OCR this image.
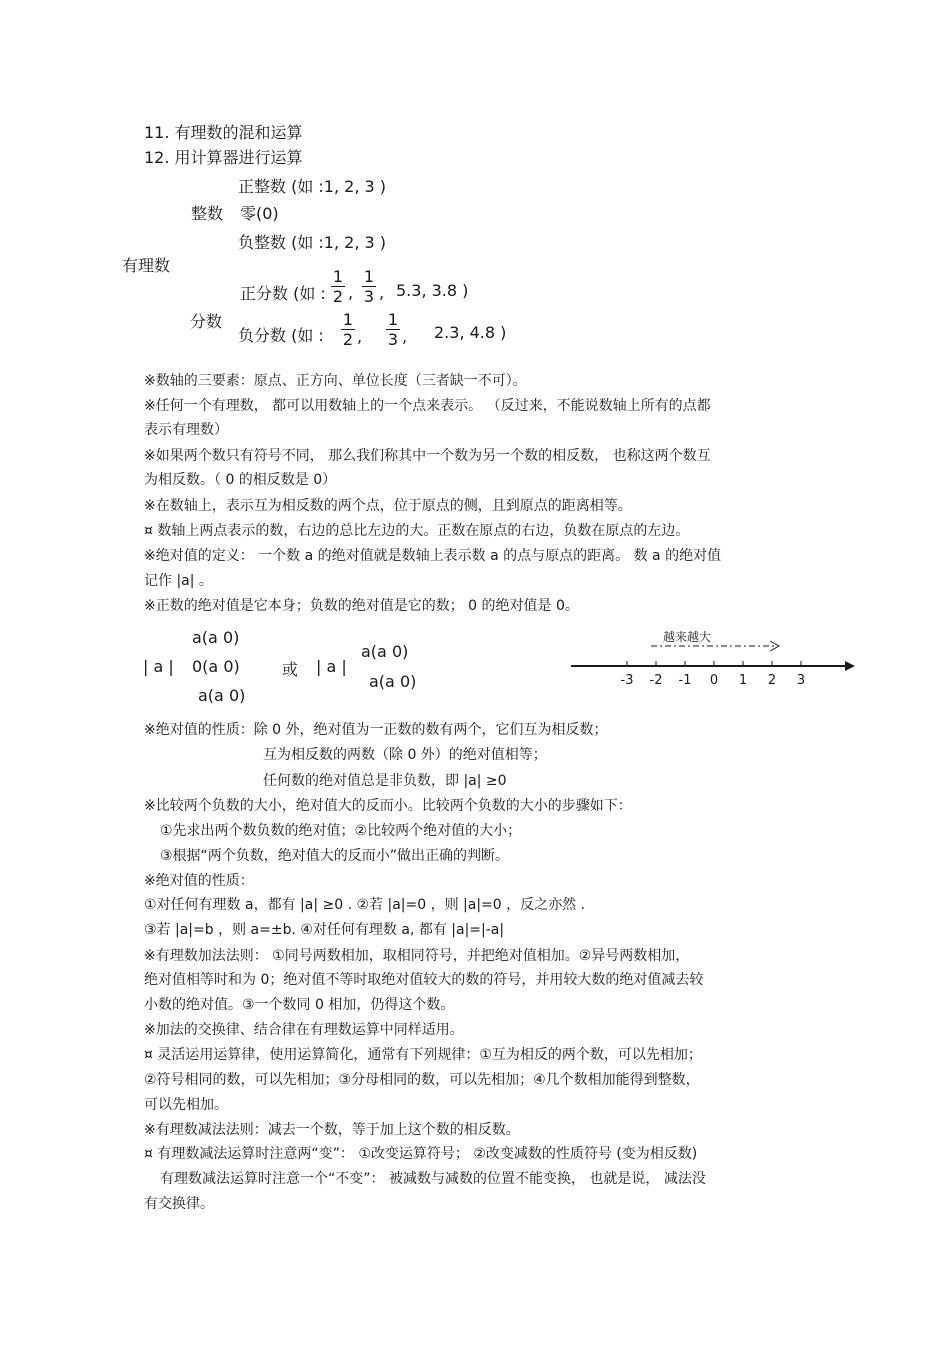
11. 有理数的混和运算
12. 用计算器进行运算
正整数 (如 :1, 2, 3 )
整数 零(0)
负整数 (如 :1, 2, 3 )
有理数
正分数 (如 :
1
2 ,
1
3 , 5.3, 3.8 )
分数
负分数 (如 :
1
2 ,
1
3 , 2.3, 4.8 )
※数轴的三要素：原点、正方向、单位长度（三者缺一不可）。
※任何一个有理数， 都可以用数轴上的一个点来表示。 （反过来，不能说数轴上所有的点都
表示有理数）
※如果两个数只有符号不同， 那么我们称其中一个数为另一个数的相反数， 也称这两个数互
为相反数。（ 0 的相反数是 0）
※在数轴上，表示互为相反数的两个点，位于原点的侧，且到原点的距离相等。
¤ 数轴上两点表示的数，右边的总比左边的大。正数在原点的右边，负数在原点的左边。
※绝对值的定义： 一个数 a 的绝对值就是数轴上表示数 a 的点与原点的距离。 数 a 的绝对值
记作 |a| 。
※正数的绝对值是它本身；负数的绝对值是它的数； 0 的绝对值是 0。
a(a 0)
| a | 0(a 0)
a(a 0)
或 | a |
a(a 0)
a(a 0)
越来越大
-3 -2 -1 0 1 2 3
※绝对值的性质：除 0 外，绝对值为一正数的数有两个，它们互为相反数；
互为相反数的两数（除 0 外）的绝对值相等；
任何数的绝对值总是非负数，即 |a| ≥0
※比较两个负数的大小，绝对值大的反而小。比较两个负数的大小的步骤如下：
①先求出两个数负数的绝对值；②比较两个绝对值的大小；
③根据“两个负数，绝对值大的反而小”做出正确的判断。
※绝对值的性质：
①对任何有理数 a，都有 |a| ≥0 . ②若 |a|=0 ，则 |a|=0 ，反之亦然 .
③若 |a|=b ，则 a=±b. ④对任何有理数 a, 都有 |a|=|-a|
※有理数加法法则： ①同号两数相加，取相同符号，并把绝对值相加。②异号两数相加，
绝对值相等时和为 0；绝对值不等时取绝对值较大的数的符号，并用较大数的绝对值减去较
小数的绝对值。③一个数同 0 相加，仍得这个数。
※加法的交换律、结合律在有理数运算中同样适用。
¤ 灵活运用运算律，使用运算简化，通常有下列规律：①互为相反的两个数，可以先相加；
②符号相同的数，可以先相加；③分母相同的数，可以先相加；④几个数相加能得到整数，
可以先相加。
※有理数减法法则：减去一个数，等于加上这个数的相反数。
¤ 有理数减法运算时注意两“变”： ①改变运算符号； ②改变减数的性质符号 (变为相反数)
有理数减法运算时注意一个“不变”： 被减数与减数的位置不能变换， 也就是说， 减法没
有交换律。
